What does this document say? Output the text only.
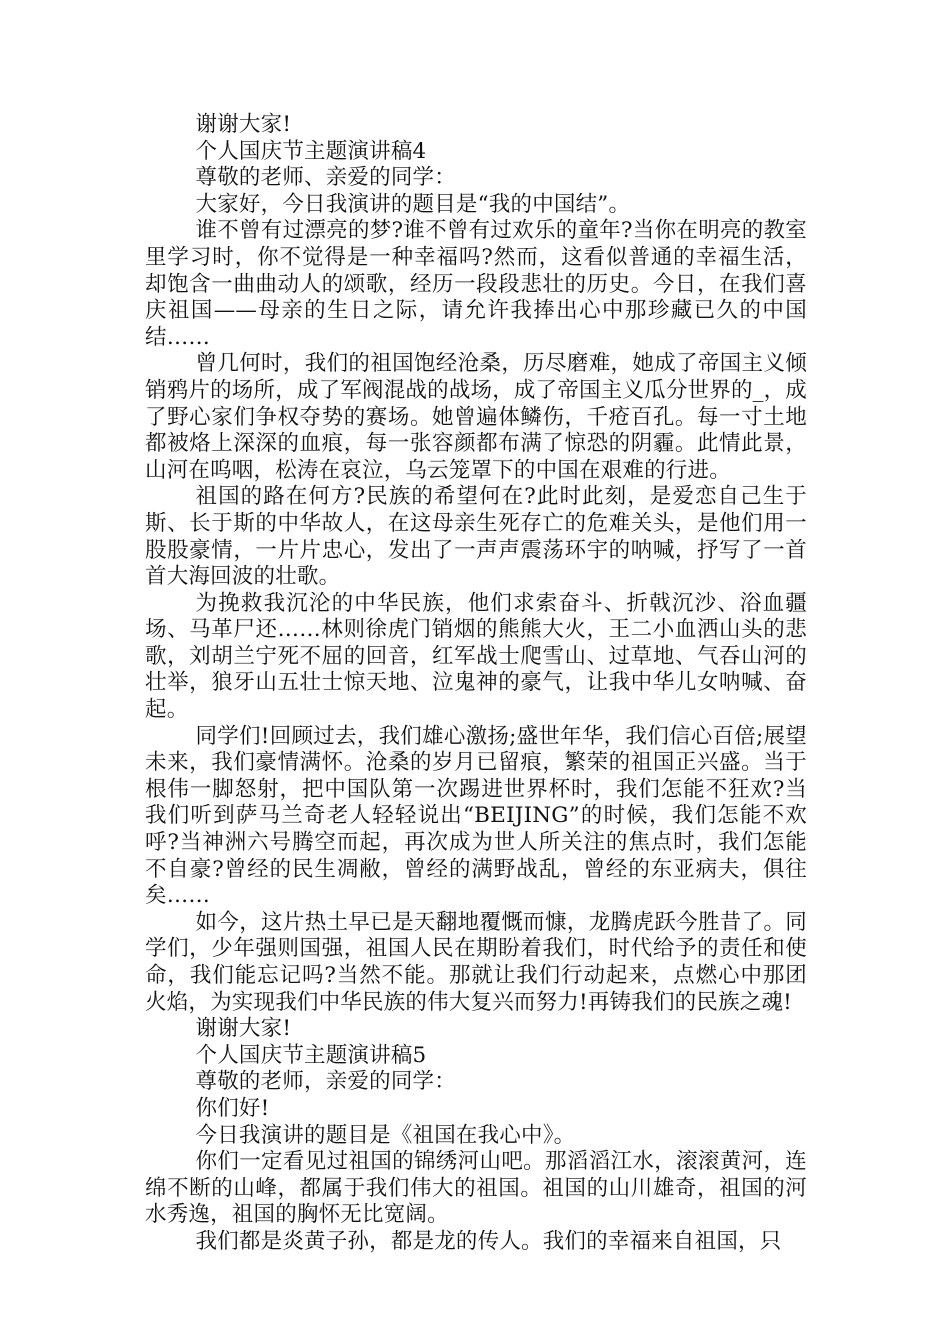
谢谢大家!

个人国庆节主题演讲稿4

尊敬的老师、亲爱的同学：

大家好，今日我演讲的题目是“我的中国结”。

谁不曾有过漂亮的梦?谁不曾有过欢乐的童年?当你在明亮的教室里学习时，你不觉得是一种幸福吗?然而，这看似普通的幸福生活，却饱含一曲曲动人的颂歌，经历一段段悲壮的历史。今日，在我们喜庆祖国——母亲的生日之际，请允许我捧出心中那珍藏已久的中国结……

曾几何时，我们的祖国饱经沧桑，历尽磨难，她成了帝国主义倾销鸦片的场所，成了军阀混战的战场，成了帝国主义瓜分世界的_，成了野心家们争权夺势的赛场。她曾遍体鳞伤，千疮百孔。每一寸土地都被烙上深深的血痕，每一张容颜都布满了惊恐的阴霾。此情此景，山河在呜咽，松涛在哀泣，乌云笼罩下的中国在艰难的行进。

祖国的路在何方?民族的希望何在?此时此刻，是爱恋自己生于斯、长于斯的中华故人，在这母亲生死存亡的危难关头，是他们用一股股豪情，一片片忠心，发出了一声声震荡环宇的呐喊，抒写了一首首大海回波的壮歌。

为挽救我沉沦的中华民族，他们求索奋斗、折戟沉沙、浴血疆场、马革尸还……林则徐虎门销烟的熊熊大火，王二小血洒山头的悲歌，刘胡兰宁死不屈的回音，红军战士爬雪山、过草地、气吞山河的壮举，狼牙山五壮士惊天地、泣鬼神的豪气，让我中华儿女呐喊、奋起。

同学们!回顾过去，我们雄心激扬;盛世年华，我们信心百倍;展望未来，我们豪情满怀。沧桑的岁月已留痕，繁荣的祖国正兴盛。当于根伟一脚怒射，把中国队第一次踢进世界杯时，我们怎能不狂欢?当我们听到萨马兰奇老人轻轻说出“BEIJING”的时候，我们怎能不欢呼?当神洲六号腾空而起，再次成为世人所关注的焦点时，我们怎能不自豪?曾经的民生凋敝，曾经的满野战乱，曾经的东亚病夫，俱往矣……

如今，这片热土早已是天翻地覆慨而慷，龙腾虎跃今胜昔了。同学们，少年强则国强，祖国人民在期盼着我们，时代给予的责任和使命，我们能忘记吗?当然不能。那就让我们行动起来，点燃心中那团火焰，为实现我们中华民族的伟大复兴而努力!再铸我们的民族之魂!

谢谢大家!

个人国庆节主题演讲稿5

尊敬的老师，亲爱的同学：

你们好!

今日我演讲的题目是《祖国在我心中》。

你们一定看见过祖国的锦绣河山吧。那滔滔江水，滚滚黄河，连绵不断的山峰，都属于我们伟大的祖国。祖国的山川雄奇，祖国的河水秀逸，祖国的胸怀无比宽阔。

我们都是炎黄子孙，都是龙的传人。我们的幸福来自祖国，只
